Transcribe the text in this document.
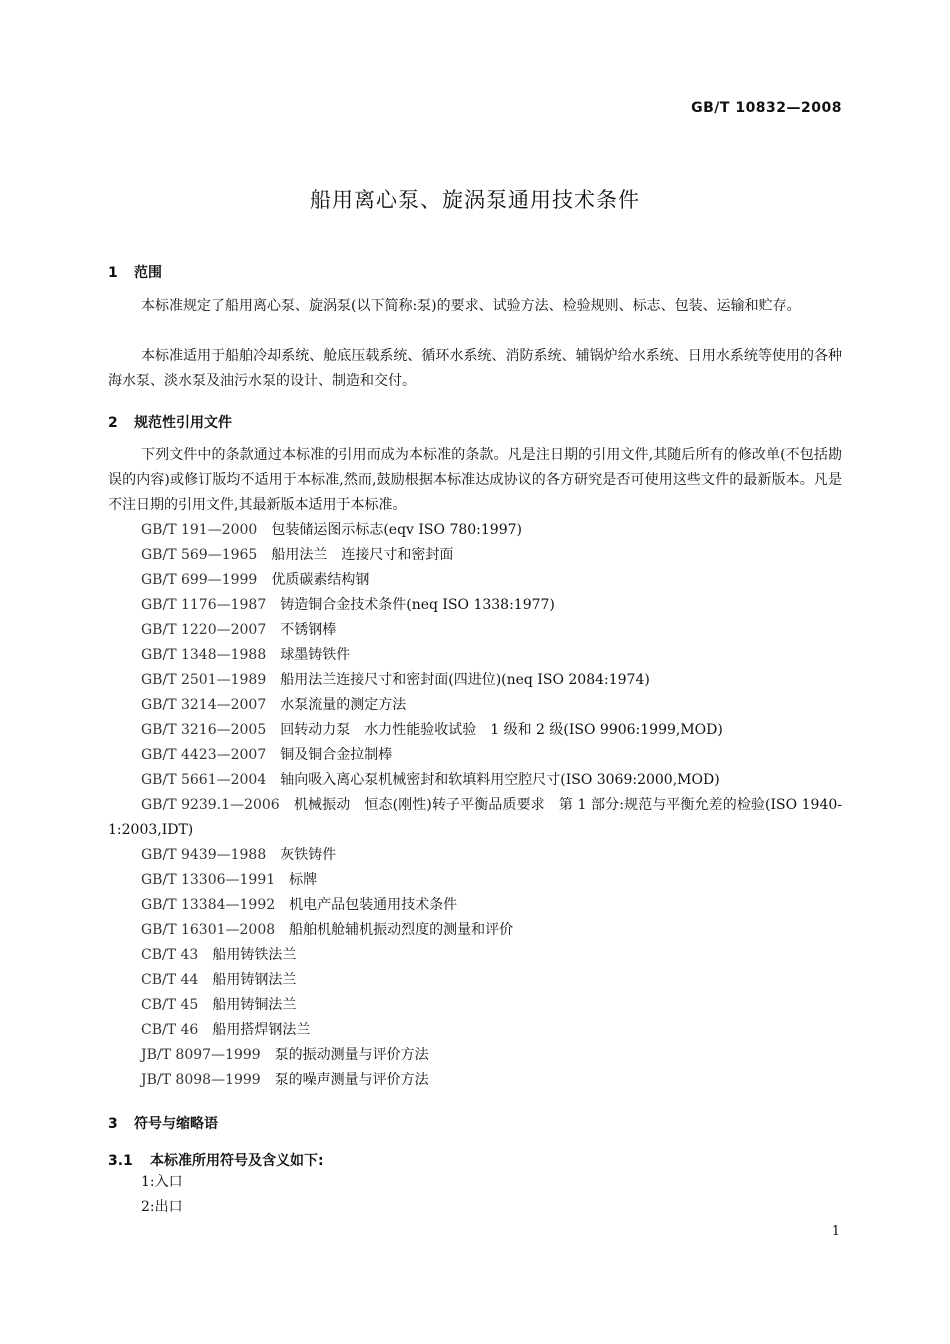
GB/T 10832—2008
船用离心泵、旋涡泵通用技术条件
1 范围
本标准规定了船用离心泵、旋涡泵(以下简称:泵)的要求、试验方法、检验规则、标志、包装、运输和贮存。
本标准适用于船舶冷却系统、舱底压载系统、循环水系统、消防系统、辅锅炉给水系统、日用水系统等使用的各种海水泵、淡水泵及油污水泵的设计、制造和交付。
2 规范性引用文件
下列文件中的条款通过本标准的引用而成为本标准的条款。凡是注日期的引用文件,其随后所有的修改单(不包括勘误的内容)或修订版均不适用于本标准,然而,鼓励根据本标准达成协议的各方研究是否可使用这些文件的最新版本。凡是不注日期的引用文件,其最新版本适用于本标准。
GB/T 191—2000　 包装储运图示标志(eqv ISO 780:1997)
GB/T 569—1965　 船用法兰　连接尺寸和密封面
GB/T 699—1999　 优质碳素结构钢
GB/T 1176—1987　 铸造铜合金技术条件(neq ISO 1338:1977)
GB/T 1220—2007　 不锈钢棒
GB/T 1348—1988　 球墨铸铁件
GB/T 2501—1989　 船用法兰连接尺寸和密封面(四进位)(neq ISO 2084:1974)
GB/T 3214—2007　 水泵流量的测定方法
GB/T 3216—2005　 回转动力泵　水力性能验收试验　1 级和 2 级(ISO 9906:1999,MOD)
GB/T 4423—2007　 铜及铜合金拉制棒
GB/T 5661—2004　 轴向吸入离心泵机械密封和软填料用空腔尺寸(ISO 3069:2000,MOD)
GB/T 9239.1—2006　 机械振动　恒态(刚性)转子平衡品质要求　第 1 部分:规范与平衡允差的检验(ISO 1940-1:2003,IDT)
GB/T 9439—1988　 灰铁铸件
GB/T 13306—1991　 标牌
GB/T 13384—1992　 机电产品包装通用技术条件
GB/T 16301—2008　 船舶机舱辅机振动烈度的测量和评价
CB/T 43　 船用铸铁法兰
CB/T 44　 船用铸钢法兰
CB/T 45　 船用铸铜法兰
CB/T 46　 船用搭焊钢法兰
JB/T 8097—1999　 泵的振动测量与评价方法
JB/T 8098—1999　 泵的噪声测量与评价方法
3 符号与缩略语
3.1 本标准所用符号及含义如下:
1:入口
2:出口
1
